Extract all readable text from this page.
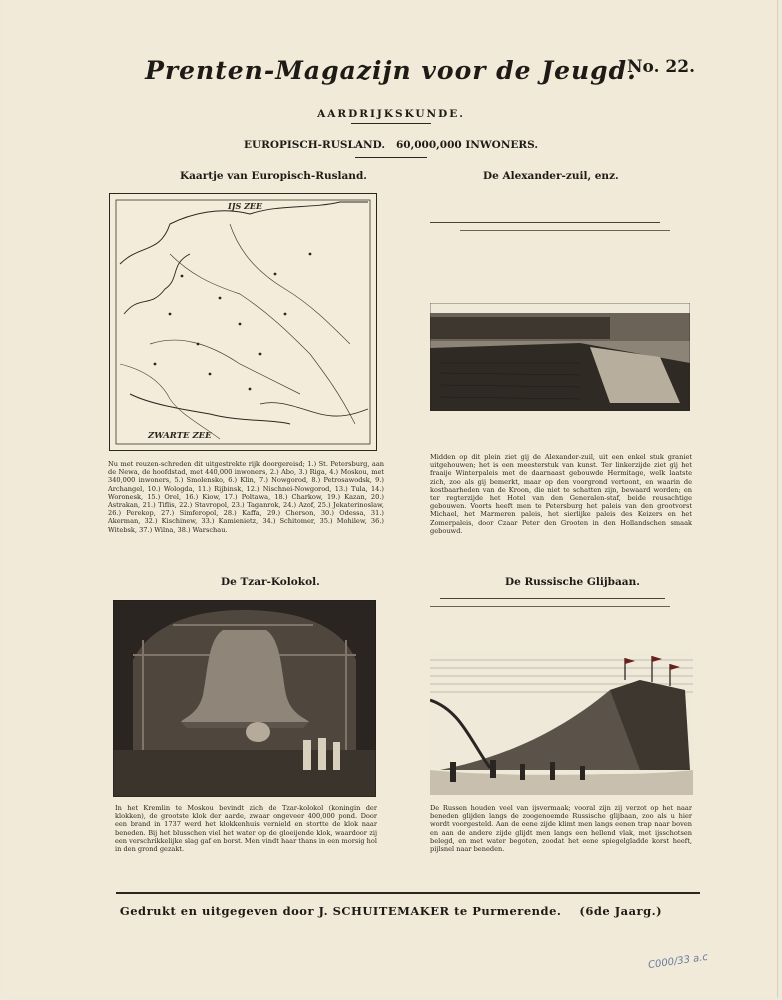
Prenten-Magazijn voor de Jeugd.
No. 22.
AARDRIJKSKUNDE.
EUROPISCH-RUSLAND. 60,000,000 INWONERS.
Kaartje van Europisch-Rusland.	De Alexander-zuil, enz.
IJS ZEE
ZWARTE ZEE
Nu met reuzen-schreden dit uitgestrekte rijk doorgereisd; 1.) St. Petersburg, aan de Newa, de hoofdstad, met 440,000 inwoners, 2.) Abo, 3.) Riga, 4.) Moskou, met 340,000 inwoners, 5.) Smolensko, 6.) Klin, 7.) Nowgorod, 8.) Petrosawodsk, 9.) Archangel, 10.) Wologda, 11.) Rijbinsk, 12.) Nischnei-Nowgorod, 13.) Tula, 14.) Woronesk, 15.) Orel, 16.) Kiow, 17.) Poltawa, 18.) Charkow, 19.) Kazan, 20.) Astrakan, 21.) Tiflis, 22.) Stavropol, 23.) Taganrok, 24.) Azof, 25.) Jekaterinoslaw, 26.) Perekop, 27.) Simferopol, 28.) Kaffa, 29.) Cherson, 30.) Odessa, 31.) Akerman, 32.) Kischinew, 33.) Kamienietz, 34.) Schitomer, 35.) Mohilew, 36.) Witebsk, 37.) Wilna, 38.) Warschau.
Midden op dit plein ziet gij de Alexander-zuil, uit een enkel stuk graniet uitgehouwen; het is een meesterstuk van kunst. Ter linkerzijde ziet gij het fraaije Winterpaleis met de daarnaast gebouwde Hermitage, welk laatste zich, zoo als gij bemerkt, maar op den voorgrond vertoont, en waarin de kostbaarheden van de Kroon, die niet te schatten zijn, bewaard worden; en ter regterzijde het Hotel van den Generalen-staf, beide reusachtige gebouwen. Voorts heeft men te Petersburg het paleis van den grootvorst Michael, het Marmeren paleis, het sierlijke paleis des Keizers en het Zomerpaleis, door Czaar Peter den Grooten in den Hollandschen smaak gebouwd.
De Tzar-Kolokol.	De Russische Glijbaan.
In het Kremlin te Moskou bevindt zich de Tzar-kolokol (koningin der klokken), de grootste klok der aarde, zwaar ongeveer 400,000 pond. Door een brand in 1737 werd het klokkenhuis vernield en stortte de klok naar beneden. Bij het blusschen viel het water op de gloeijende klok, waardoor zij een verschrikkelijke slag gaf en borst. Men vindt haar thans in een morsig hol in den grond gezakt.
De Russen houden veel van ijsvermaak; vooral zijn zij verzot op het naar beneden glijden langs de zoogenoemde Russische glijbaan, zoo als u hier wordt voorgesteld. Aan de eene zijde klimt men langs eenen trap naar boven en aan de andere zijde glijdt men langs een hellend vlak, met ijsschotsen belegd, en met water begoten, zoodat het eene spiegelgladde korst heeft, pijlsnel naar beneden.
Gedrukt en uitgegeven door J. SCHUITEMAKER te Purmerende. (6de Jaarg.)
C000/33 a.c
